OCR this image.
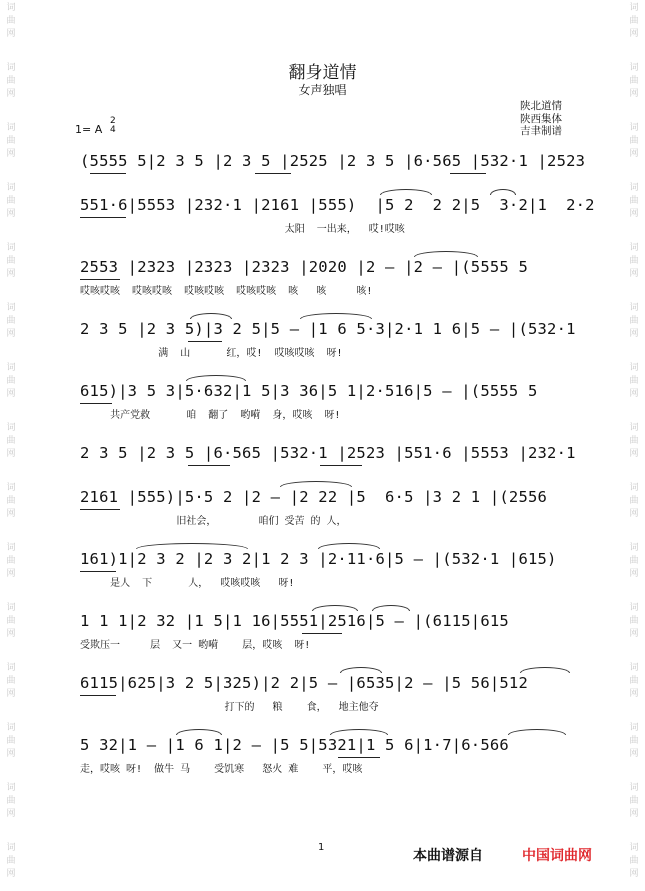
词
曲
网
词
曲
网
词
曲
网
词
曲
网
词
曲
网
词
曲
网
词
曲
网
词
曲
网
词
曲
网
词
曲
网
词
曲
网
词
曲
网
词
曲
网
词
曲
网
词
曲
网
词
曲
网
词
曲
网
词
曲
网
词
曲
网
词
曲
网
词
曲
网
词
曲
网
词
曲
网
词
曲
网
词
曲
网
词
曲
网
词
曲
网
词
曲
网
词
曲
网
词
曲
网
翻身道情
女声独唱
陕北道情
陕西集体
吉聿制谱
1= A
2
4
(5555 5|2 3 5 |2 3 5 |2525 |2 3 5 |6·565 |532·1 |2523
551·6|5553 |232·1 |2161 |555)  |5 2  2 2|5  3·2|1  2·2
太阳  一出来，  哎!哎咳
2553 |2323 |2323 |2323 |2020 |2 — |2 — |(5555 5
哎咳哎咳  哎咳哎咳  哎咳哎咳  哎咳哎咳  咳   咳     咳!
2 3 5 |2 3 5)|3 2 5|5 — |1 6 5·3|2·1 1 6|5 — |(532·1
满  山      红，哎!  哎咳哎咳  呀!
615)|3 5 3|5·632|1 5|3 36|5 1|2·516|5 — |(5555 5
共产党救      咱  翻了  哟嗬  身，哎咳  呀!
2 3 5 |2 3 5 |6·565 |532·1 |2523 |551·6 |5553 |232·1
2161 |555)|5·5 2 |2 — |2 22 |5  6·5 |3 2 1 |(2556
旧社会，       咱们 受苦 的 人，
161)1|2 3 2 |2 3 2|1 2 3 |2·11·6|5 — |(532·1 |615)
是人  下      人，  哎咳哎咳   呀!
1 1 1|2 32 |1 5|1 16|5551|2516|5 — |(6115|615
受欺压一     层  又一 哟嗬    层，哎咳  呀!
6115|625|3 2 5|325)|2 2|5 — |6535|2 — |5 56|512
打下的   粮    食，  地主他夺
5 32|1 — |1 6 1|2 — |5 5|5321|1 5 6|1·7|6·566
走，哎咳 呀!  做牛 马    受饥寒   怒火 难    平，哎咳
1
本曲谱源自	中国词曲网
